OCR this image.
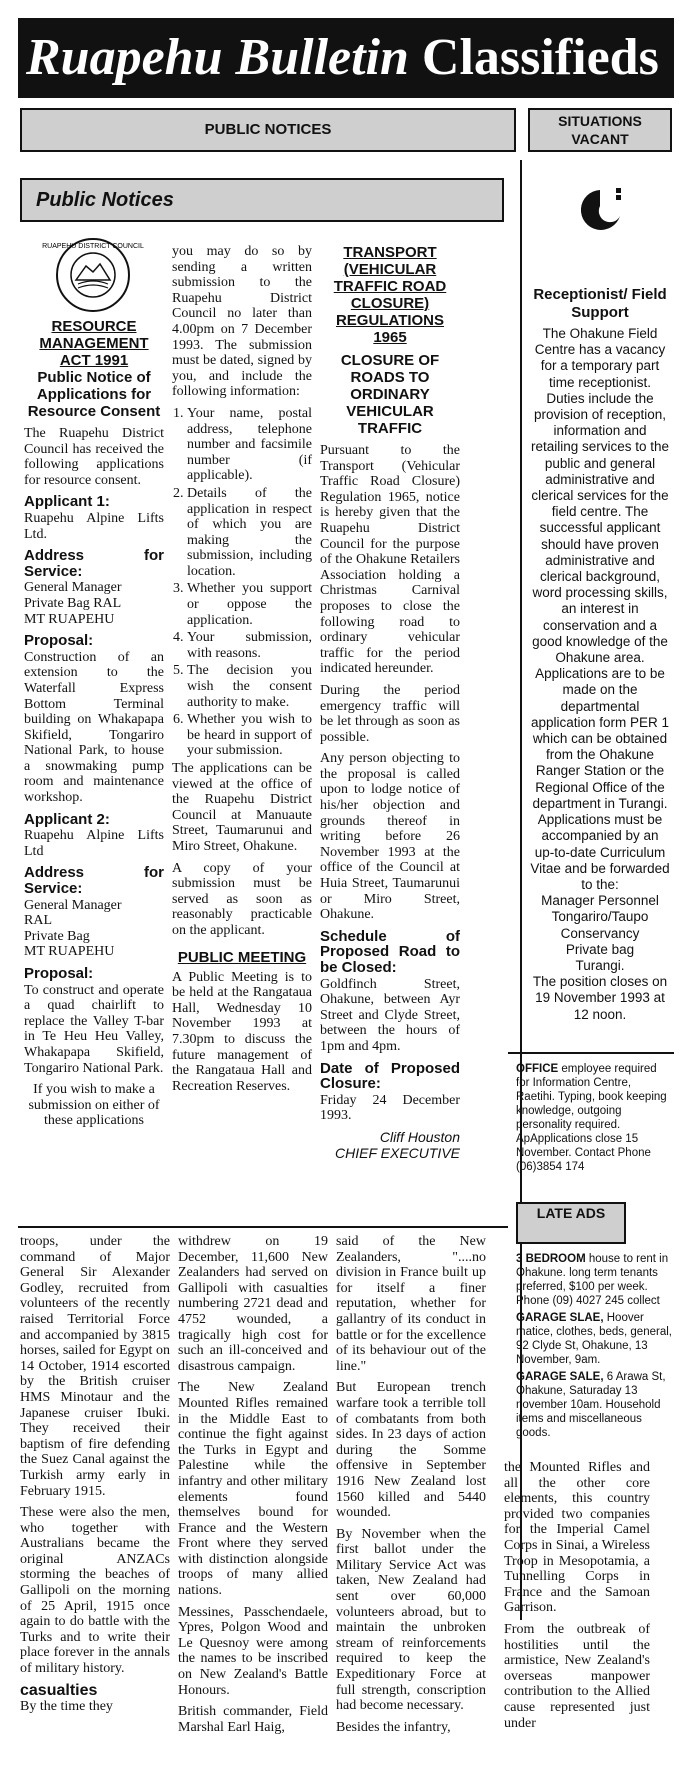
Ruapehu Bulletin Classifieds
PUBLIC NOTICES	SITUATIONS VACANT
Public Notices
RUAPEHU DISTRICT COUNCIL
RESOURCE MANAGEMENT ACT 1991
Public Notice of Applications for Resource Consent

The Ruapehu District Council has received the following applications for resource consent.

Applicant 1:

Ruapehu Alpine Lifts Ltd.

Address for Service:

General Manager
Private Bag RAL
MT RUAPEHU

Proposal:

Construction of an extension to the Waterfall Express Bottom Terminal building on Whakapapa Skifield, Tongariro National Park, to house a snowmaking pump room and maintenance workshop.

Applicant 2:

Ruapehu Alpine Lifts Ltd

Address for Service:

General Manager
RAL
Private Bag
MT RUAPEHU

Proposal:

To construct and operate a quad chairlift to replace the Valley T-bar in Te Heu Heu Valley, Whakapapa Skifield, Tongariro National Park.

If you wish to make a submission on either of these applications

you may do so by sending a written submission to the Ruapehu District Council no later than 4.00pm on 7 December 1993. The submission must be dated, signed by you, and include the following information:

1. Your name, postal address, telephone number and facsimile number (if applicable).
2. Details of the application in respect of which you are making the submission, including location.
3. Whether you support or oppose the application.
4. Your submission, with reasons.
5. The decision you wish the consent authority to make.
6. Whether you wish to be heard in support of your submission.

The applications can be viewed at the office of the Ruapehu District Council at Manuaute Street, Taumarunui and Miro Street, Ohakune.

A copy of your submission must be served as soon as reasonably practicable on the applicant.

PUBLIC MEETING

A Public Meeting is to be held at the Rangataua Hall, Wednesday 10 November 1993 at 7.30pm to discuss the future management of the Rangataua Hall and Recreation Reserves.

TRANSPORT (VEHICULAR TRAFFIC ROAD CLOSURE) REGULATIONS 1965
CLOSURE OF ROADS TO ORDINARY VEHICULAR TRAFFIC

Pursuant to the Transport (Vehicular Traffic Road Closure) Regulation 1965, notice is hereby given that the Ruapehu District Council for the purpose of the Ohakune Retailers Association holding a Christmas Carnival proposes to close the following road to ordinary vehicular traffic for the period indicated hereunder.

During the period emergency traffic will be let through as soon as possible.

Any person objecting to the proposal is called upon to lodge notice of his/her objection and grounds thereof in writing before 26 November 1993 at the office of the Council at Huia Street, Taumarunui or Miro Street, Ohakune.

Schedule of Proposed Road to be Closed:

Goldfinch Street, Ohakune, between Ayr Street and Clyde Street, between the hours of 1pm and 4pm.

Date of Proposed Closure:

Friday 24 December 1993.

Cliff Houston
CHIEF EXECUTIVE
Receptionist/ Field Support
The Ohakune Field Centre has a vacancy for a temporary part time receptionist. Duties include the provision of reception, information and retailing services to the public and general administrative and clerical services for the field centre. The successful applicant should have proven administrative and clerical background, word processing skills, an interest in conservation and a good knowledge of the Ohakune area. Applications are to be made on the departmental application form PER 1 which can be obtained from the Ohakune Ranger Station or the Regional Office of the department in Turangi. Applications must be accompanied by an up-to-date Curriculum Vitae and be forwarded to the:
Manager Personnel
Tongariro/Taupo Conservancy
Private bag
Turangi.
The position closes on 19 November 1993 at 12 noon.
OFFICE employee required for Information Centre, Raetihi. Typing, book keeping knowledge, outgoing personality required. ApApplications close 15 November. Contact Phone (06)3854 174
LATE ADS
3 BEDROOM house to rent in Ohakune. long term tenants preferred, $100 per week. Phone (09) 4027 245 collect
GARAGE SLAE, Hoover matice, clothes, beds, general, 92 Clyde St, Ohakune, 13 November, 9am.
GARAGE SALE, 6 Arawa St, Ohakune, Saturaday 13 november 10am. Household items and miscellaneous goods.

troops, under the command of Major General Sir Alexander Godley, recruited from volunteers of the recently raised Territorial Force and accompanied by 3815 horses, sailed for Egypt on 14 October, 1914 escorted by the British cruiser HMS Minotaur and the Japanese cruiser Ibuki. They received their baptism of fire defending the Suez Canal against the Turkish army early in February 1915.

These were also the men, who together with Australians became the original ANZACs storming the beaches of Gallipoli on the morning of 25 April, 1915 once again to do battle with the Turks and to write their place forever in the annals of military history.

casualties

By the time they

withdrew on 19 December, 11,600 New Zealanders had served on Gallipoli with casualties numbering 2721 dead and 4752 wounded, a tragically high cost for such an ill-conceived and disastrous campaign.

The New Zealand Mounted Rifles remained in the Middle East to continue the fight against the Turks in Egypt and Palestine while the infantry and other military elements found themselves bound for France and the Western Front where they served with distinction alongside troops of many allied nations.

Messines, Passchendaele, Ypres, Polgon Wood and Le Quesnoy were among the names to be inscribed on New Zealand's Battle Honours.

British commander, Field Marshal Earl Haig,

said of the New Zealanders, "....no division in France built up for itself a finer reputation, whether for gallantry of its conduct in battle or for the excellence of its behaviour out of the line."

But European trench warfare took a terrible toll of combatants from both sides. In 23 days of action during the Somme offensive in September 1916 New Zealand lost 1560 killed and 5440 wounded.

By November when the first ballot under the Military Service Act was taken, New Zealand had sent over 60,000 volunteers abroad, but to maintain the unbroken stream of reinforcements required to keep the Expeditionary Force at full strength, conscription had become necessary.

Besides the infantry,

the Mounted Rifles and all the other core elements, this country provided two companies for the Imperial Camel Corps in Sinai, a Wireless Troop in Mesopotamia, a Tunnelling Corps in France and the Samoan Garrison.

From the outbreak of hostilities until the armistice, New Zealand's overseas manpower contribution to the Allied cause represented just under
